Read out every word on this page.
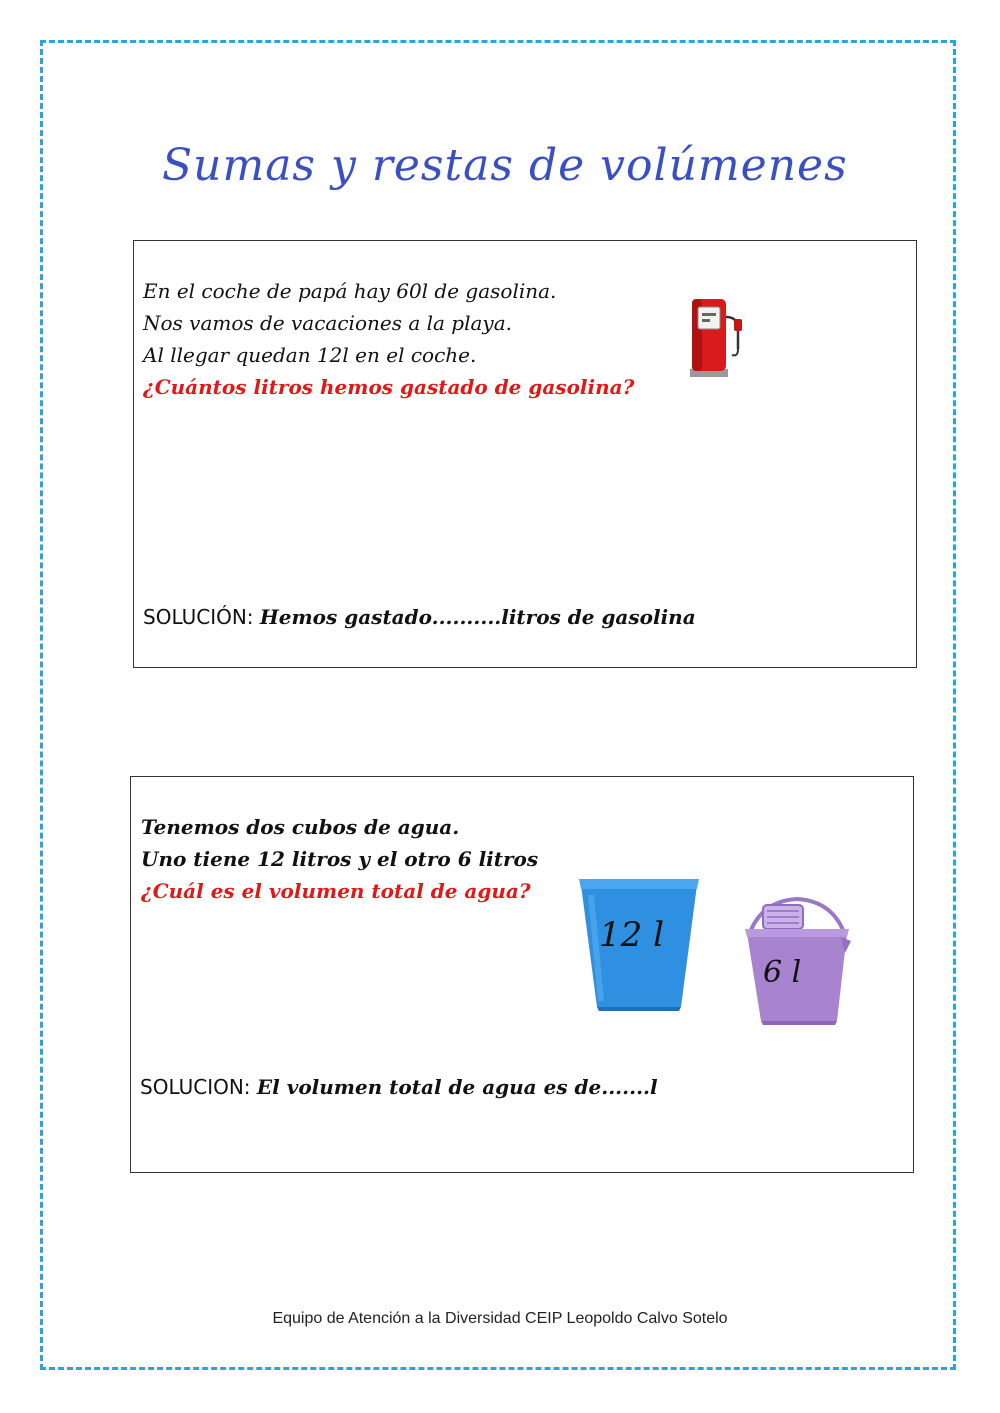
Sumas y restas de volúmenes
En el coche de papá hay 60l de gasolina.
Nos vamos de vacaciones a la playa.
Al llegar quedan 12l en el coche.
¿Cuántos litros hemos gastado de gasolina?
SOLUCIÓN: Hemos gastado..........litros de gasolina
Tenemos dos cubos de agua.
Uno tiene 12 litros y el otro 6 litros
¿Cuál es el volumen total de agua?
12 l
6 l
SOLUCION: El volumen total de agua es de.......l
Equipo de Atención a la Diversidad CEIP Leopoldo Calvo Sotelo
